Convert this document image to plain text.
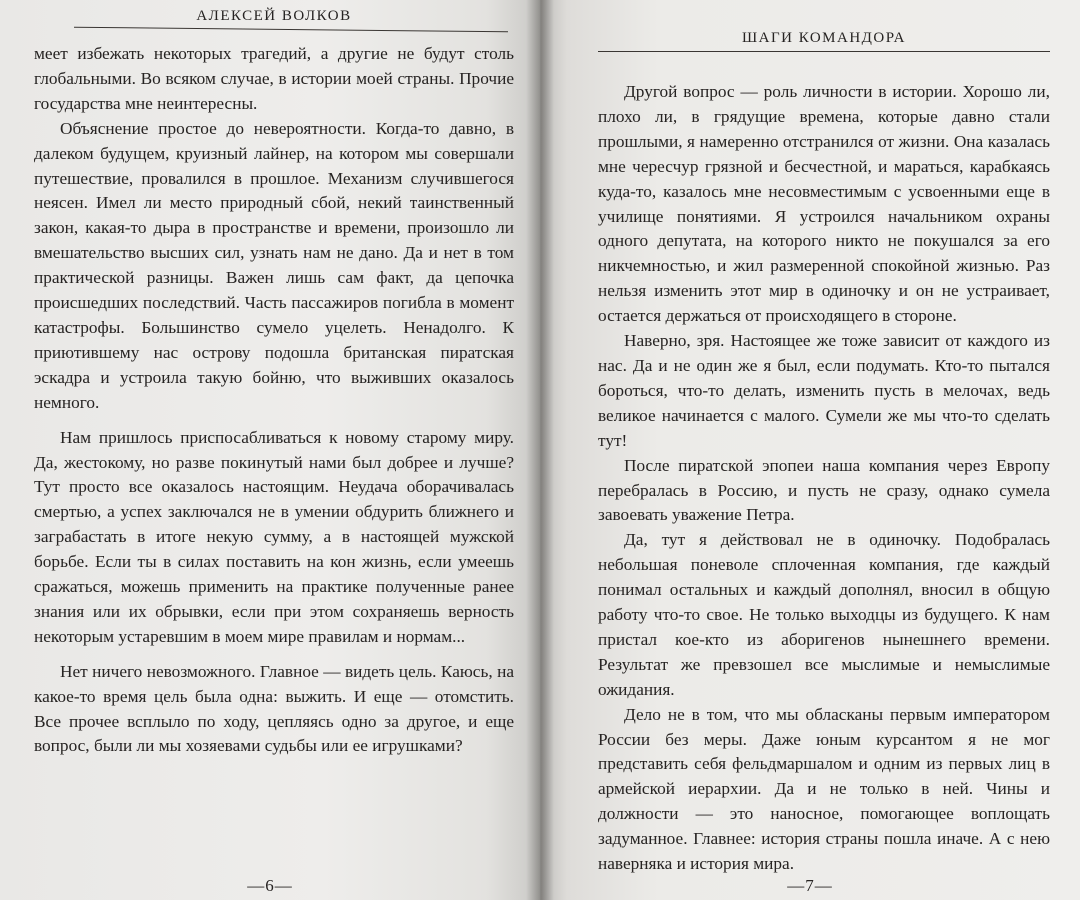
АЛЕКСЕЙ ВОЛКОВ

меет избежать некоторых трагедий, а другие не будут столь глобальными. Во всяком случае, в истории моей страны. Прочие государства мне неинтересны.

Объяснение простое до невероятности. Когда-то давно, в далеком будущем, круизный лайнер, на котором мы совершали путешествие, провалился в прошлое. Механизм случившегося неясен. Имел ли место природный сбой, некий таинственный закон, какая-то дыра в пространстве и времени, произошло ли вмешательство высших сил, узнать нам не дано. Да и нет в том практической разницы. Важен лишь сам факт, да цепочка происшедших последствий. Часть пассажиров погибла в момент катастрофы. Большинство сумело уцелеть. Ненадолго. К приютившему нас острову подошла британская пиратская эскадра и устроила такую бойню, что выживших оказалось немного.

Нам пришлось приспосабливаться к новому старому миру. Да, жестокому, но разве покинутый нами был добрее и лучше? Тут просто все оказалось настоящим. Неудача оборачивалась смертью, а успех заключался не в умении обдурить ближнего и заграбастать в итоге некую сумму, а в настоящей мужской борьбе. Если ты в силах поставить на кон жизнь, если умеешь сражаться, можешь применить на практике полученные ранее знания или их обрывки, если при этом сохраняешь верность некоторым устаревшим в моем мире правилам и нормам...

Нет ничего невозможного. Главное — видеть цель. Каюсь, на какое-то время цель была одна: выжить. И еще — отомстить. Все прочее всплыло по ходу, цепляясь одно за другое, и еще вопрос, были ли мы хозяевами судьбы или ее игрушками?

—6—
ШАГИ КОМАНДОРА

Другой вопрос — роль личности в истории. Хорошо ли, плохо ли, в грядущие времена, которые давно стали прошлыми, я намеренно отстранился от жизни. Она казалась мне чересчур грязной и бесчестной, и мараться, карабкаясь куда-то, казалось мне несовместимым с усвоенными еще в училище понятиями. Я устроился начальником охраны одного депутата, на которого никто не покушался за его никчемностью, и жил размеренной спокойной жизнью. Раз нельзя изменить этот мир в одиночку и он не устраивает, остается держаться от происходящего в стороне.

Наверно, зря. Настоящее же тоже зависит от каждого из нас. Да и не один же я был, если подумать. Кто-то пытался бороться, что-то делать, изменить пусть в мелочах, ведь великое начинается с малого. Сумели же мы что-то сделать тут!

После пиратской эпопеи наша компания через Европу перебралась в Россию, и пусть не сразу, однако сумела завоевать уважение Петра.

Да, тут я действовал не в одиночку. Подобралась небольшая поневоле сплоченная компания, где каждый понимал остальных и каждый дополнял, вносил в общую работу что-то свое. Не только выходцы из будущего. К нам пристал кое-кто из аборигенов нынешнего времени. Результат же превзошел все мыслимые и немыслимые ожидания.

Дело не в том, что мы обласканы первым императором России без меры. Даже юным курсантом я не мог представить себя фельдмаршалом и одним из первых лиц в армейской иерархии. Да и не только в ней. Чины и должности — это наносное, помогающее воплощать задуманное. Главнее: история страны пошла иначе. А с нею наверняка и история мира.

—7—
